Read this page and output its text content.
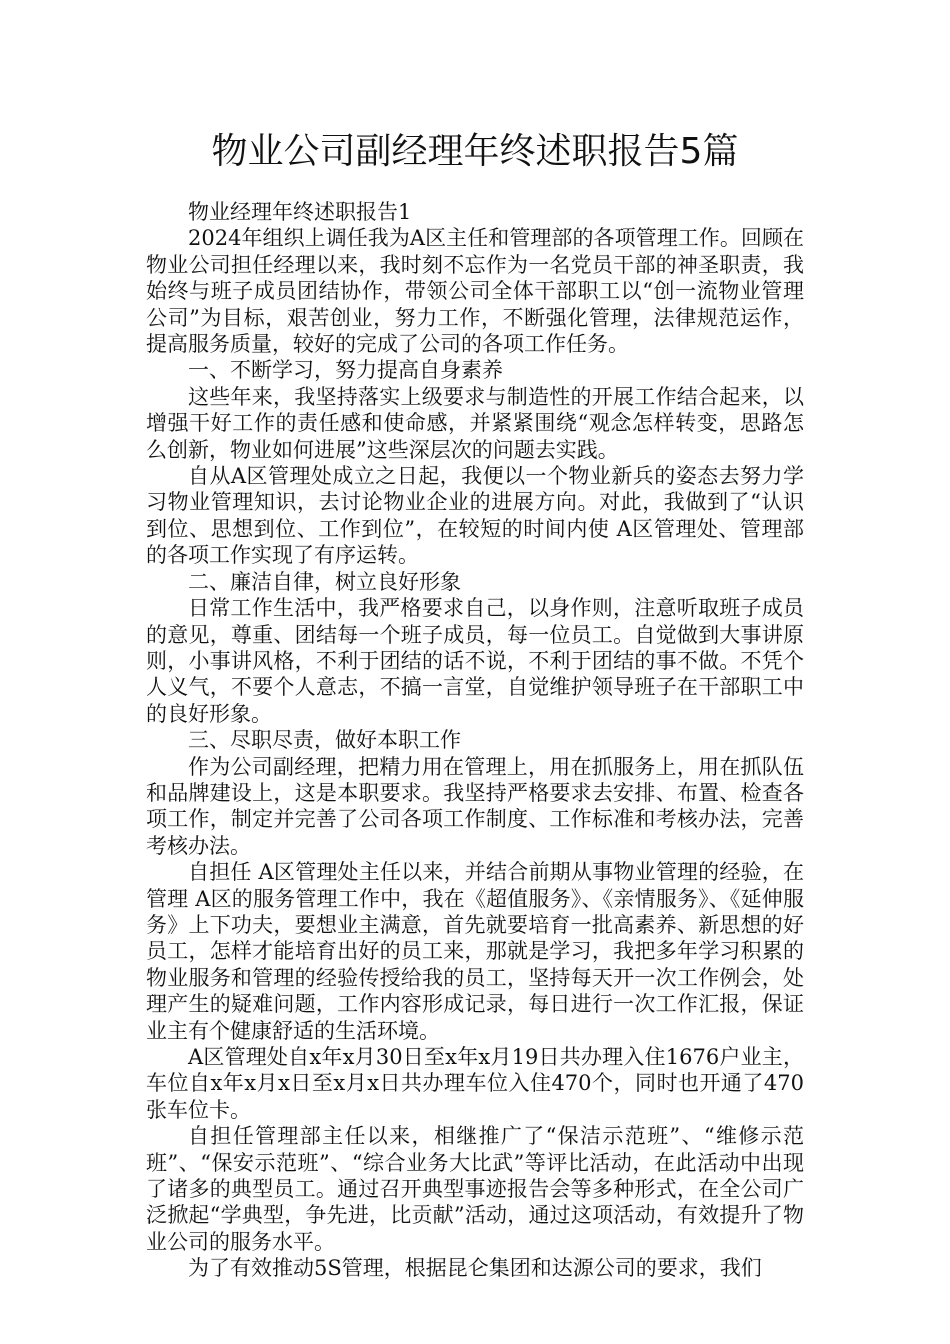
物业公司副经理年终述职报告5篇

物业经理年终述职报告1

2024年组织上调任我为A区主任和管理部的各项管理工作。回顾在物业公司担任经理以来，我时刻不忘作为一名党员干部的神圣职责，我始终与班子成员团结协作，带领公司全体干部职工以“创一流物业管理公司”为目标，艰苦创业，努力工作，不断强化管理，法律规范运作，提高服务质量，较好的完成了公司的各项工作任务。

一、不断学习，努力提高自身素养

这些年来，我坚持落实上级要求与制造性的开展工作结合起来，以增强干好工作的责任感和使命感，并紧紧围绕“观念怎样转变，思路怎么创新，物业如何进展”这些深层次的问题去实践。

自从A区管理处成立之日起，我便以一个物业新兵的姿态去努力学习物业管理知识，去讨论物业企业的进展方向。对此，我做到了“认识到位、思想到位、工作到位”，在较短的时间内使 A区管理处、管理部的各项工作实现了有序运转。

二、廉洁自律，树立良好形象

日常工作生活中，我严格要求自己，以身作则，注意听取班子成员的意见，尊重、团结每一个班子成员，每一位员工。自觉做到大事讲原则，小事讲风格，不利于团结的话不说，不利于团结的事不做。不凭个人义气，不要个人意志，不搞一言堂，自觉维护领导班子在干部职工中的良好形象。

三、尽职尽责，做好本职工作

作为公司副经理，把精力用在管理上，用在抓服务上，用在抓队伍和品牌建设上，这是本职要求。我坚持严格要求去安排、布置、检查各项工作，制定并完善了公司各项工作制度、工作标准和考核办法，完善考核办法。

自担任 A区管理处主任以来，并结合前期从事物业管理的经验，在管理 A区的服务管理工作中，我在《超值服务》、《亲情服务》、《延伸服务》上下功夫，要想业主满意，首先就要培育一批高素养、新思想的好员工，怎样才能培育出好的员工来，那就是学习，我把多年学习积累的物业服务和管理的经验传授给我的员工，坚持每天开一次工作例会，处理产生的疑难问题，工作内容形成记录，每日进行一次工作汇报，保证业主有个健康舒适的生活环境。

A区管理处自x年x月30日至x年x月19日共办理入住1676户业主，车位自x年x月x日至x月x日共办理车位入住470个，同时也开通了470张车位卡。

自担任管理部主任以来，相继推广了“保洁示范班”、“维修示范班”、“保安示范班”、“综合业务大比武”等评比活动，在此活动中出现了诸多的典型员工。通过召开典型事迹报告会等多种形式，在全公司广泛掀起“学典型，争先进，比贡献”活动，通过这项活动，有效提升了物业公司的服务水平。

为了有效推动5S管理，根据昆仑集团和达源公司的要求，我们
